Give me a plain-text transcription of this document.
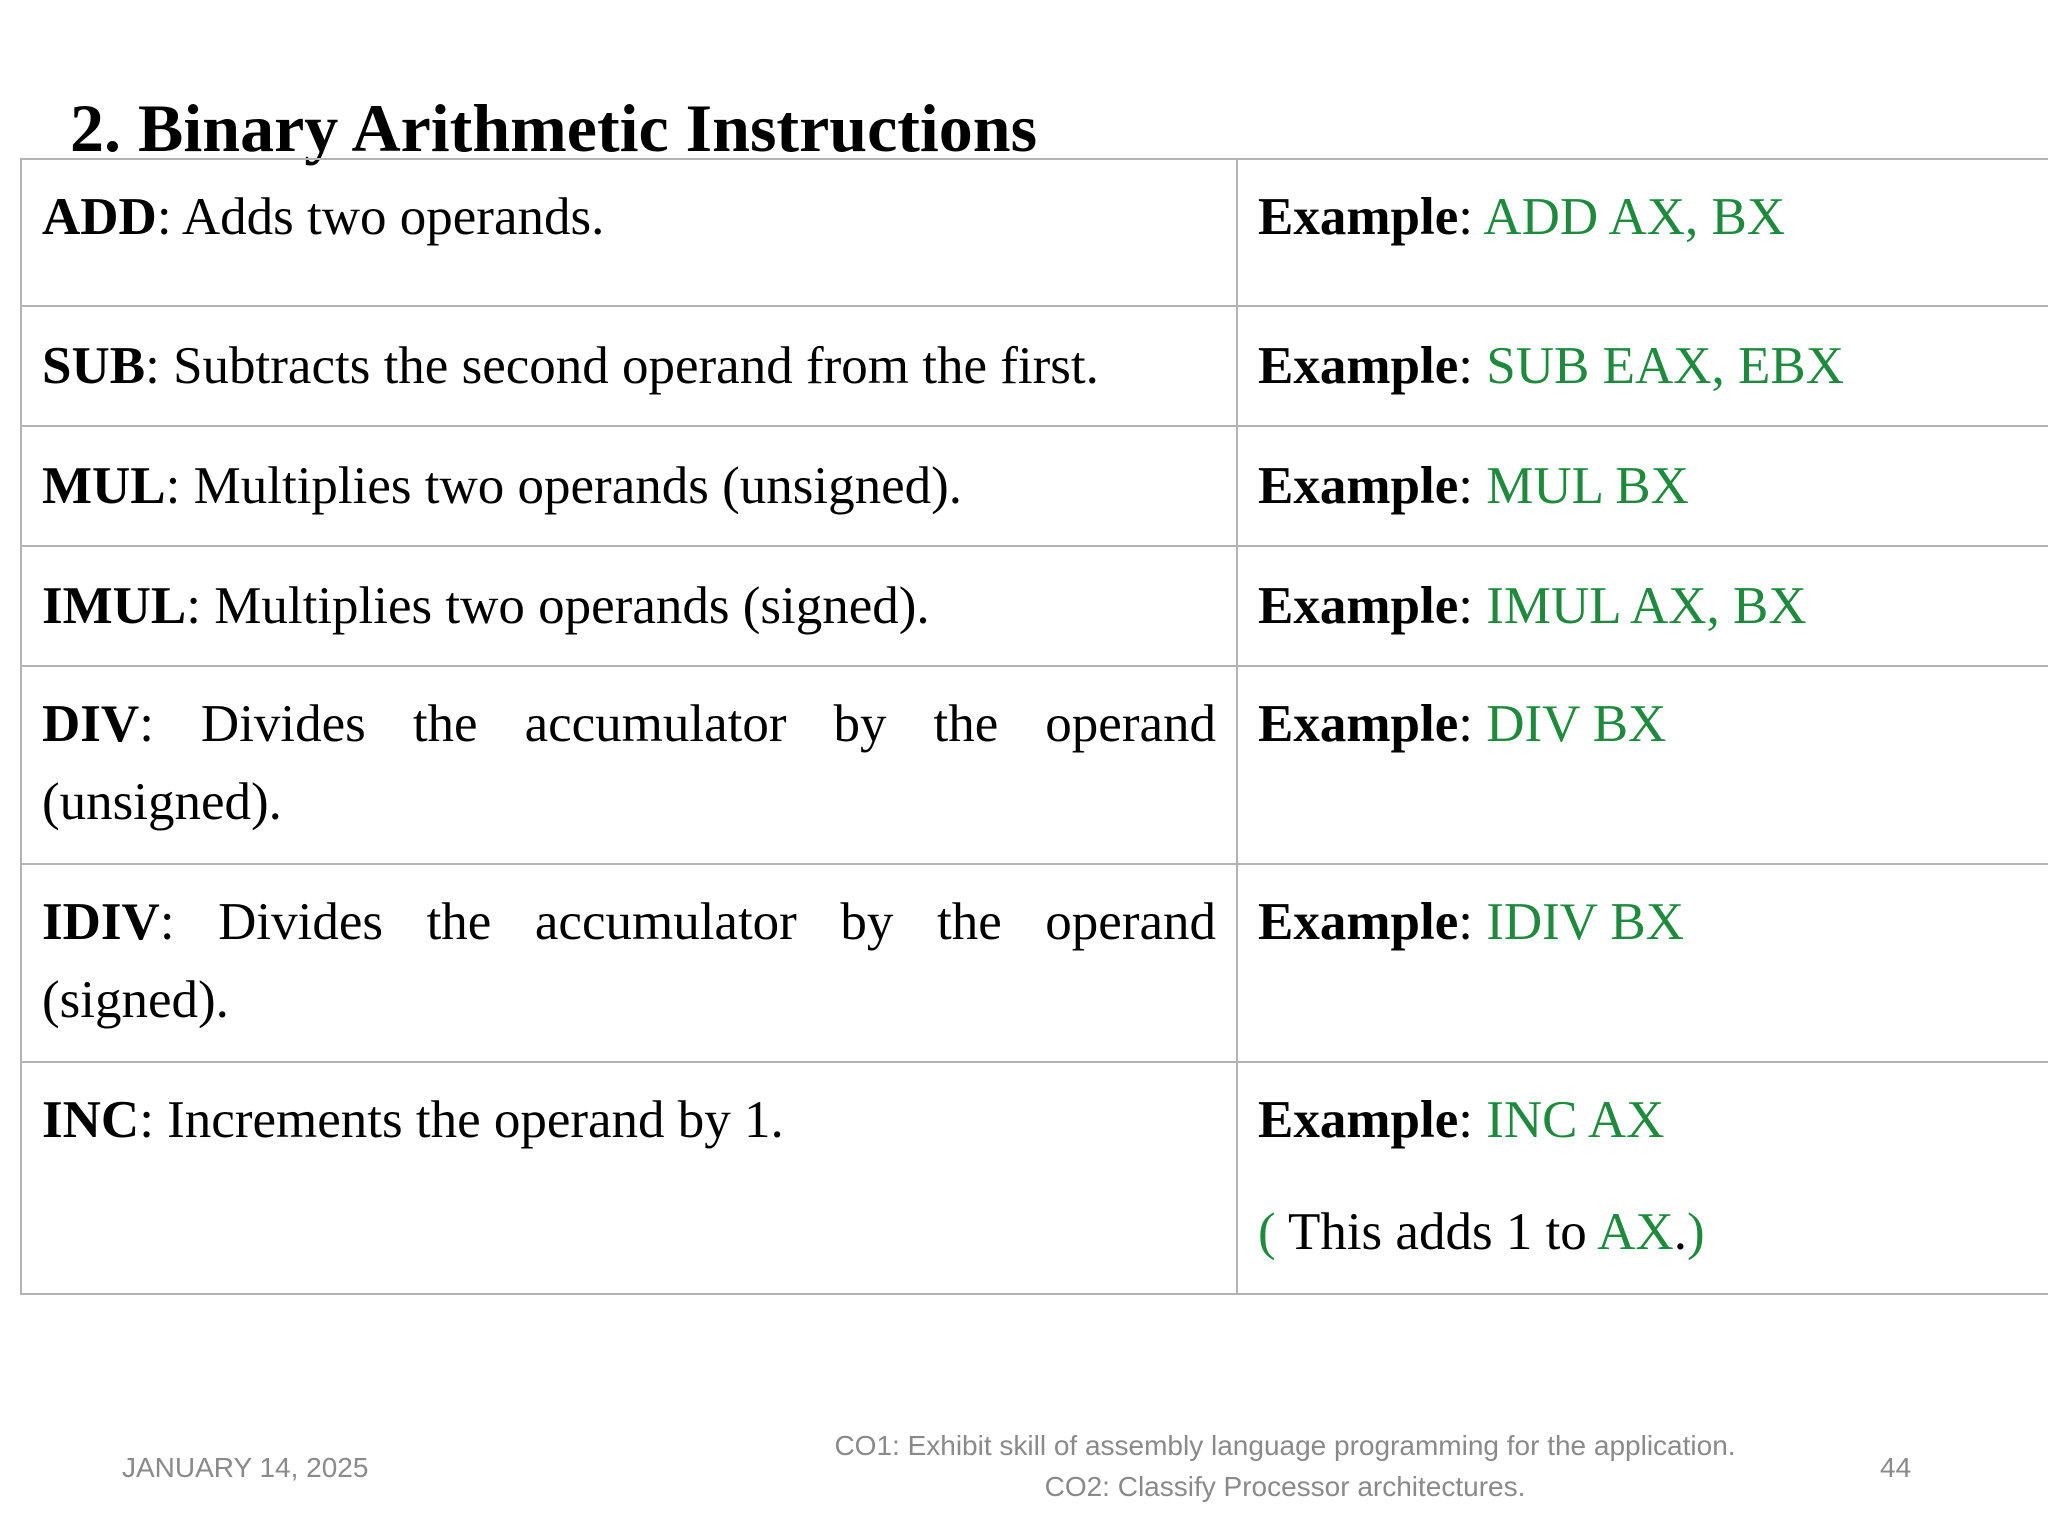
2. Binary Arithmetic Instructions
ADD: Adds two operands.	Example: ADD AX, BX
SUB: Subtracts the second operand from the first.	Example: SUB EAX, EBX
MUL: Multiplies two operands (unsigned).	Example: MUL BX
IMUL: Multiplies two operands (signed).	Example: IMUL AX, BX
DIV: Divides the accumulator by the operand (unsigned).	Example: DIV BX
IDIV: Divides the accumulator by the operand (signed).	Example: IDIV BX
INC: Increments the operand by 1.	Example: INC AX
( This adds 1 to AX.)
JANUARY 14, 2025
CO1: Exhibit skill of assembly language programming for the application.
CO2: Classify Processor architectures.
44
